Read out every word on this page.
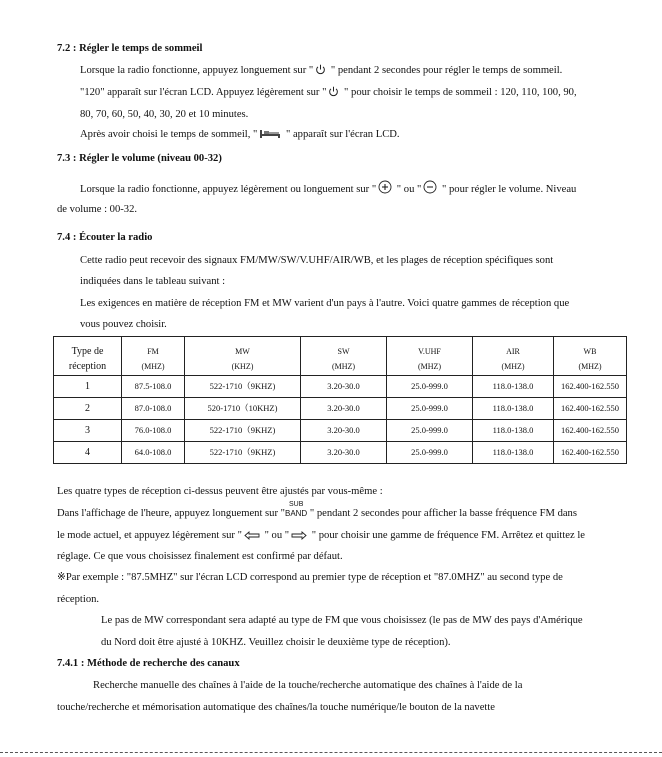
7.2 : Régler le temps de sommeil
Lorsque la radio fonctionne, appuyez longuement sur " " pendant 2 secondes pour régler le temps de sommeil.
"120" apparaît sur l'écran LCD. Appuyez légèrement sur " " pour choisir le temps de sommeil : 120, 110, 100, 90,
80, 70, 60, 50, 40, 30, 20 et 10 minutes.
Après avoir choisi le temps de sommeil, " " apparaît sur l'écran LCD.
7.3 : Régler le volume (niveau 00-32)
Lorsque la radio fonctionne, appuyez légèrement ou longuement sur " " ou " " pour régler le volume. Niveau
de volume : 00-32.
7.4 : Écouter la radio
Cette radio peut recevoir des signaux FM/MW/SW/V.UHF/AIR/WB, et les plages de réception spécifiques sont
indiquées dans le tableau suivant :
Les exigences en matière de réception FM et MW varient d'un pays à l'autre. Voici quatre gammes de réception que
vous pouvez choisir.
Type de	FM	MW	SW	V.UHF	AIR	WB
réception	(MHZ)	(KHZ)	(MHZ)	(MHZ)	(MHZ)	(MHZ)
1	87.5-108.0	522-1710（9KHZ)	3.20-30.0	25.0-999.0	118.0-138.0	162.400-162.550
2	87.0-108.0	520-1710（10KHZ)	3.20-30.0	25.0-999.0	118.0-138.0	162.400-162.550
3	76.0-108.0	522-1710（9KHZ)	3.20-30.0	25.0-999.0	118.0-138.0	162.400-162.550
4	64.0-108.0	522-1710（9KHZ)	3.20-30.0	25.0-999.0	118.0-138.0	162.400-162.550
Les quatre types de réception ci-dessus peuvent être ajustés par vous-même :
Dans l'affichage de l'heure, appuyez longuement sur "
SUB
BAND " pendant 2 secondes pour afficher la basse fréquence FM dans
le mode actuel, et appuyez légèrement sur " " ou " " pour choisir une gamme de fréquence FM. Arrêtez et quittez le
réglage. Ce que vous choisissez finalement est confirmé par défaut.
※Par exemple : "87.5MHZ" sur l'écran LCD correspond au premier type de réception et "87.0MHZ" au second type de
réception.
Le pas de MW correspondant sera adapté au type de FM que vous choisissez (le pas de MW des pays d'Amérique
du Nord doit être ajusté à 10KHZ. Veuillez choisir le deuxième type de réception).
7.4.1 : Méthode de recherche des canaux
Recherche manuelle des chaînes à l'aide de la touche/recherche automatique des chaînes à l'aide de la
touche/recherche et mémorisation automatique des chaînes/la touche numérique/le bouton de la navette
